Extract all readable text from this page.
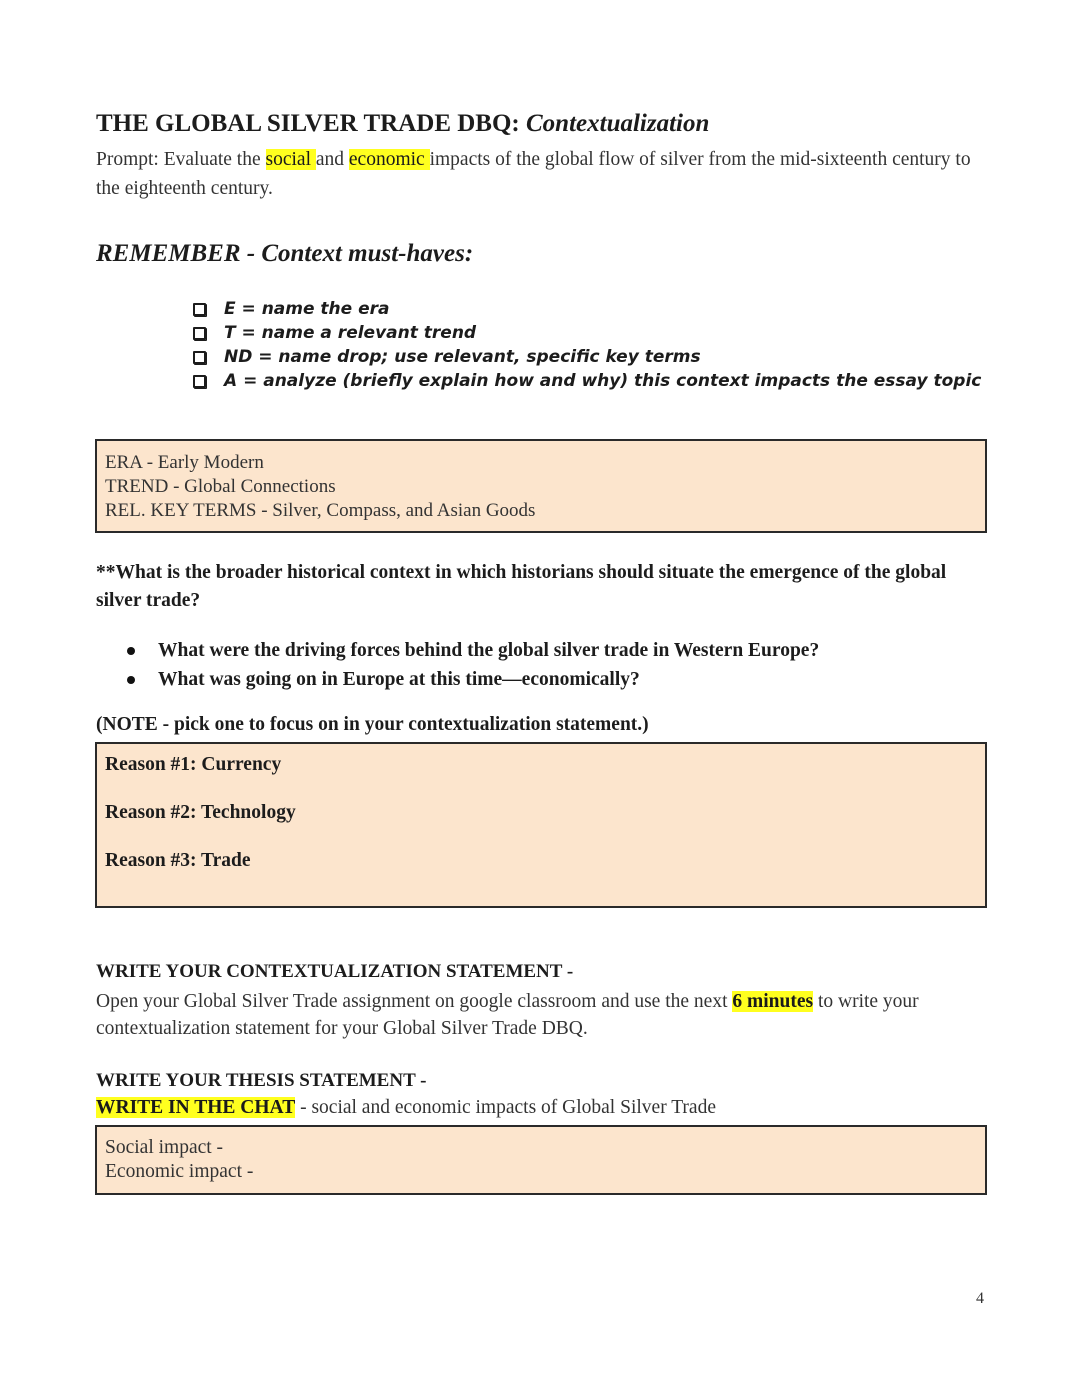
THE GLOBAL SILVER TRADE DBQ: Contextualization
Prompt: Evaluate the social and economic impacts of the global flow of silver from the mid-sixteenth century to the eighteenth century.
REMEMBER - Context must-haves:
E = name the era
T = name a relevant trend
ND = name drop; use relevant, specific key terms
A = analyze (briefly explain how and why) this context impacts the essay topic
ERA - Early Modern
TREND - Global Connections
REL. KEY TERMS - Silver, Compass, and Asian Goods
**What is the broader historical context in which historians should situate the emergence of the global silver trade?
What were the driving forces behind the global silver trade in Western Europe?
What was going on in Europe at this time—economically?
(NOTE - pick one to focus on in your contextualization statement.)
Reason #1: Currency
Reason #2: Technology
Reason #3: Trade
WRITE YOUR CONTEXTUALIZATION STATEMENT -
Open your Global Silver Trade assignment on google classroom and use the next 6 minutes to write your contextualization statement for your Global Silver Trade DBQ.
WRITE YOUR THESIS STATEMENT -
WRITE IN THE CHAT - social and economic impacts of Global Silver Trade
Social impact -
Economic impact -
4
